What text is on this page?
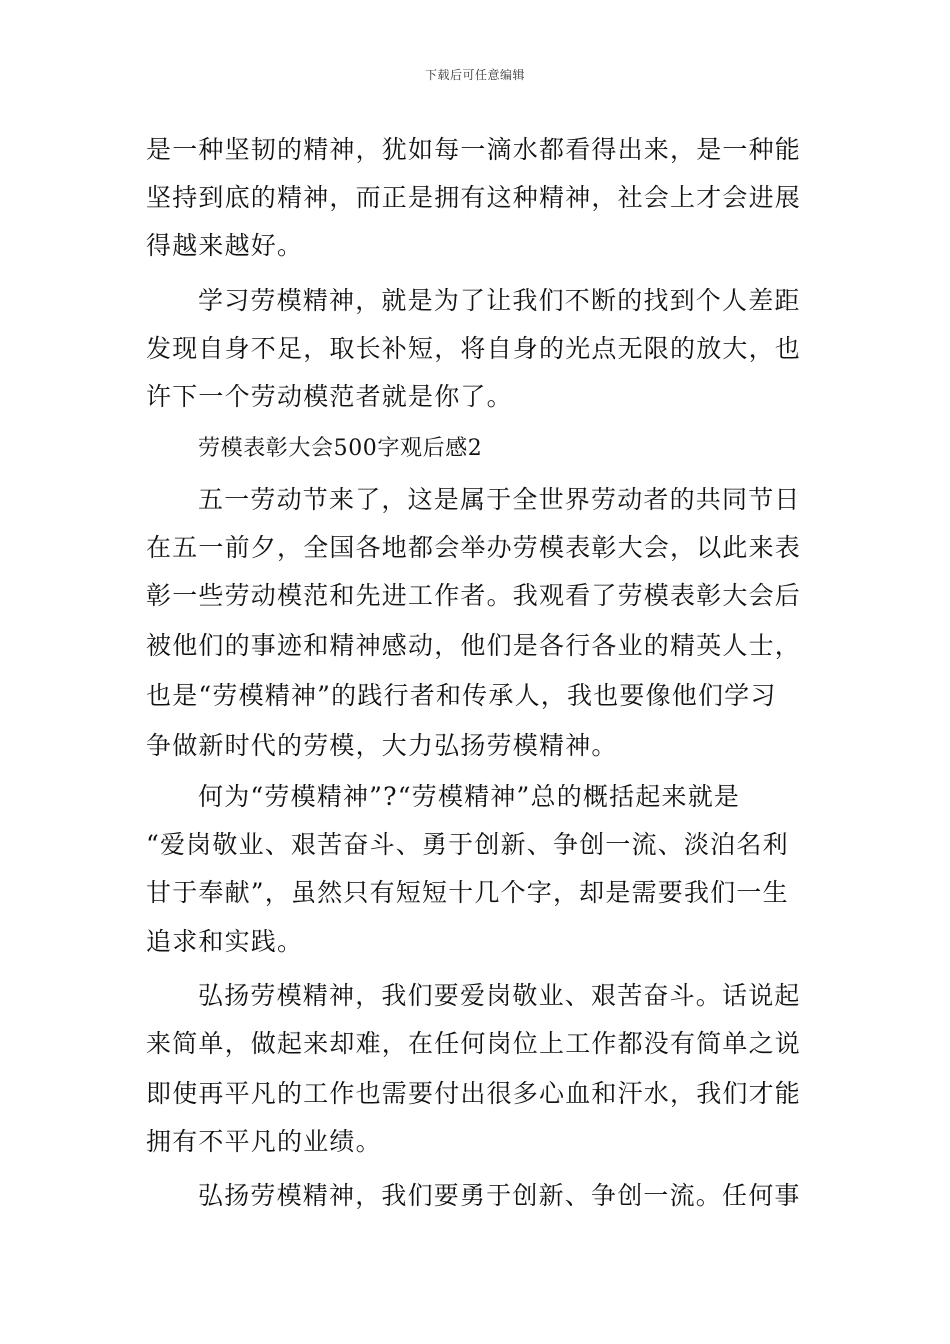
下载后可任意编辑
是一种坚韧的精神，犹如每一滴水都看得出来，是一种能
坚持到底的精神，而正是拥有这种精神，社会上才会进展
得越来越好。
学习劳模精神，就是为了让我们不断的找到个人差距
发现自身不足，取长补短，将自身的光点无限的放大，也
许下一个劳动模范者就是你了。
劳模表彰大会500字观后感2
五一劳动节来了，这是属于全世界劳动者的共同节日
在五一前夕，全国各地都会举办劳模表彰大会，以此来表
彰一些劳动模范和先进工作者。我观看了劳模表彰大会后
被他们的事迹和精神感动，他们是各行各业的精英人士，
也是“劳模精神”的践行者和传承人，我也要像他们学习
争做新时代的劳模，大力弘扬劳模精神。
何为“劳模精神”?“劳模精神”总的概括起来就是
“爱岗敬业、艰苦奋斗、勇于创新、争创一流、淡泊名利
甘于奉献”，虽然只有短短十几个字，却是需要我们一生
追求和实践。
弘扬劳模精神，我们要爱岗敬业、艰苦奋斗。话说起
来简单，做起来却难，在任何岗位上工作都没有简单之说
即使再平凡的工作也需要付出很多心血和汗水，我们才能
拥有不平凡的业绩。
弘扬劳模精神，我们要勇于创新、争创一流。任何事
